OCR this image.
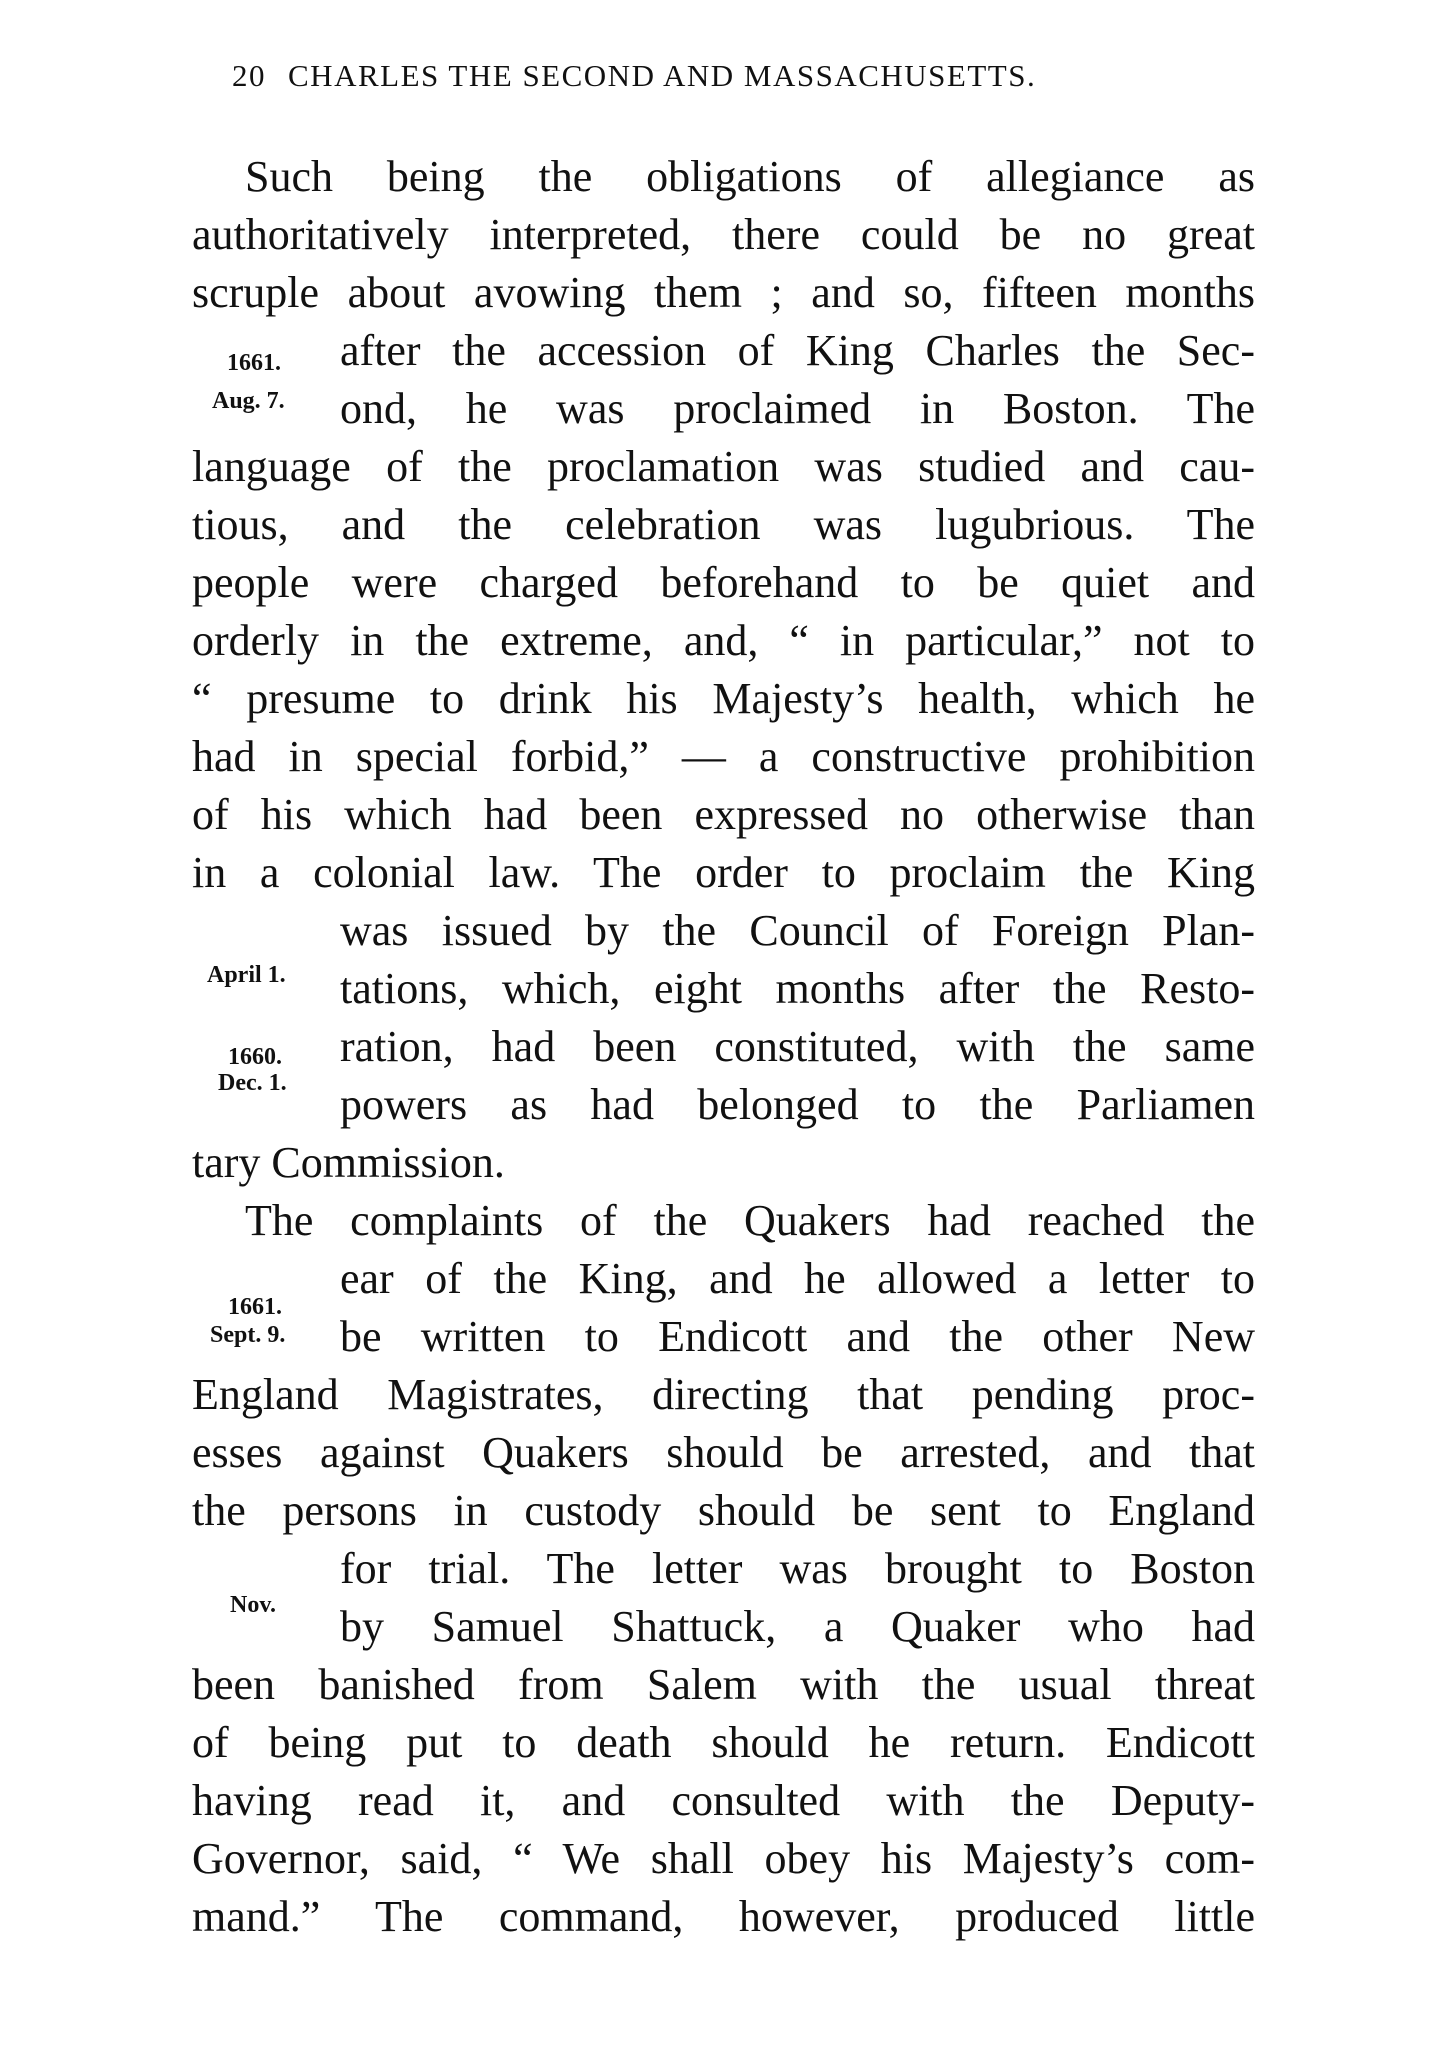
20 CHARLES THE SECOND AND MASSACHUSETTS.
Such being the obligations of allegiance as
authoritatively interpreted, there could be no great
scruple about avowing them ; and so, fifteen months
after the accession of King Charles the Sec-
ond, he was proclaimed in Boston. The
language of the proclamation was studied and cau-
tious, and the celebration was lugubrious. The
people were charged beforehand to be quiet and
orderly in the extreme, and, “ in particular,” not to
“ presume to drink his Majesty’s health, which he
had in special forbid,” — a constructive prohibition
of his which had been expressed no otherwise than
in a colonial law. The order to proclaim the King
was issued by the Council of Foreign Plan-
tations, which, eight months after the Resto-
ration, had been constituted, with the same
powers as had belonged to the Parliamen
tary Commission.
The complaints of the Quakers had reached the
ear of the King, and he allowed a letter to
be written to Endicott and the other New
England Magistrates, directing that pending proc-
esses against Quakers should be arrested, and that
the persons in custody should be sent to England
for trial. The letter was brought to Boston
by Samuel Shattuck, a Quaker who had
been banished from Salem with the usual threat
of being put to death should he return. Endicott
having read it, and consulted with the Deputy-
Governor, said, “ We shall obey his Majesty’s com-
mand.” The command, however, produced little
1661.
Aug. 7.
April 1.
1660.
Dec. 1.
1661.
Sept. 9.
Nov.
